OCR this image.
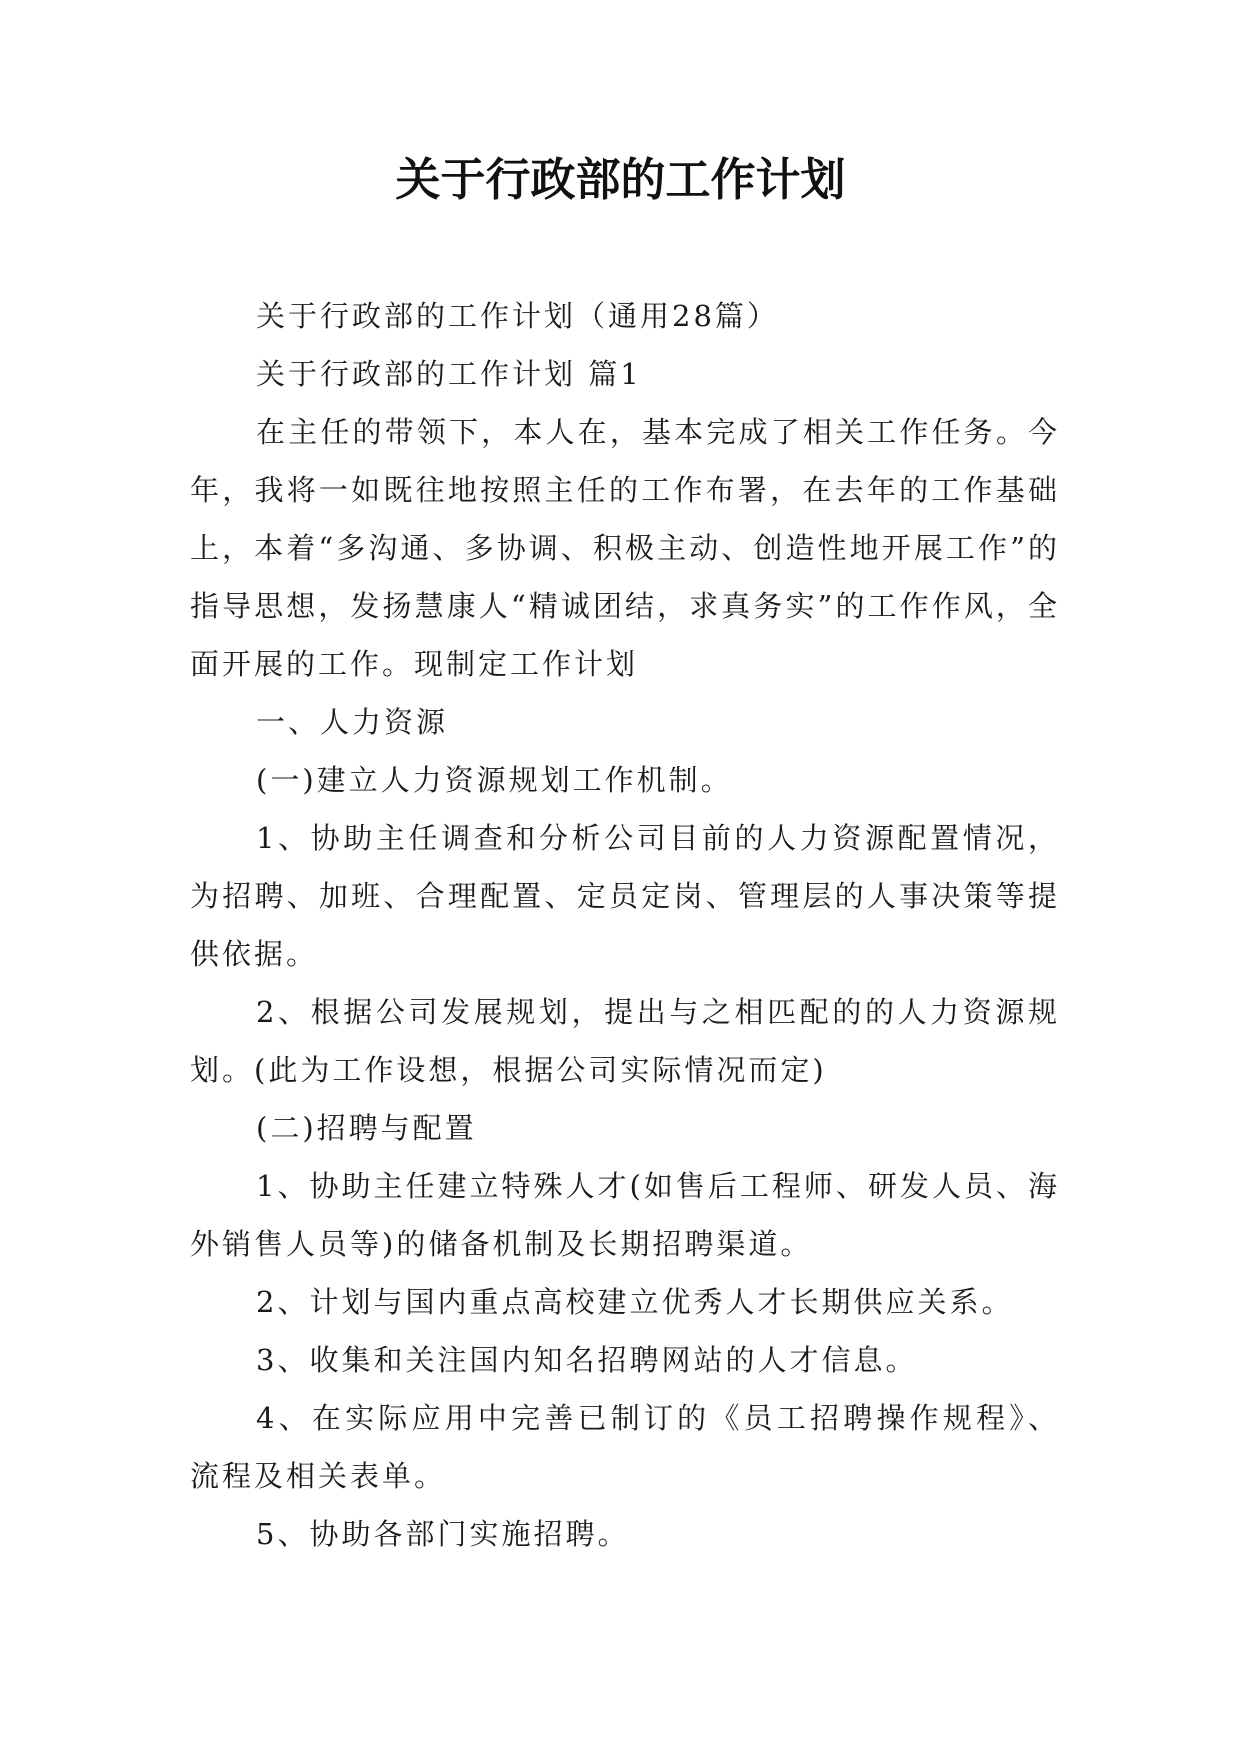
关于行政部的工作计划

关于行政部的工作计划（通用28篇）

关于行政部的工作计划 篇1

在主任的带领下，本人在，基本完成了相关工作任务。今年，我将一如既往地按照主任的工作布署，在去年的工作基础上，本着“多沟通、多协调、积极主动、创造性地开展工作”的指导思想，发扬慧康人“精诚团结，求真务实”的工作作风，全面开展的工作。现制定工作计划

一、人力资源

(一)建立人力资源规划工作机制。

1、协助主任调查和分析公司目前的人力资源配置情况，为招聘、加班、合理配置、定员定岗、管理层的人事决策等提供依据。

2、根据公司发展规划，提出与之相匹配的的人力资源规划。(此为工作设想，根据公司实际情况而定)

(二)招聘与配置

1、协助主任建立特殊人才(如售后工程师、研发人员、海外销售人员等)的储备机制及长期招聘渠道。

2、计划与国内重点高校建立优秀人才长期供应关系。

3、收集和关注国内知名招聘网站的人才信息。

4、在实际应用中完善已制订的《员工招聘操作规程》、流程及相关表单。

5、协助各部门实施招聘。
